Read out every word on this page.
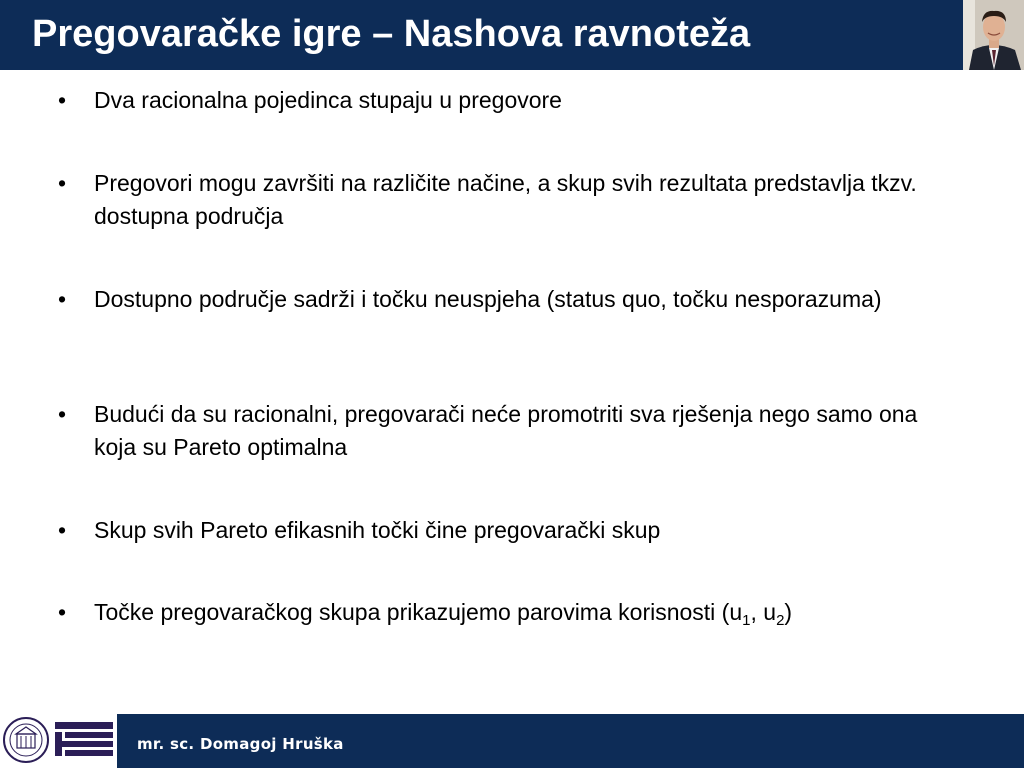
Pregovaračke igre – Nashova ravnoteža
•	Dva racionalna pojedinca stupaju u pregovore
•	Pregovori mogu završiti na različite načine, a skup svih rezultata predstavlja tkzv. dostupna područja
•	Dostupno područje sadrži i točku neuspjeha (status quo, točku nesporazuma)
•	Budući da su racionalni, pregovarači neće promotriti sva rješenja nego samo ona koja su Pareto optimalna
•	Skup svih Pareto efikasnih točki čine pregovarački skup
•	Točke pregovaračkog skupa prikazujemo parovima korisnosti ($u_1$, $u_2$)
mr. sc. Domagoj Hruška
